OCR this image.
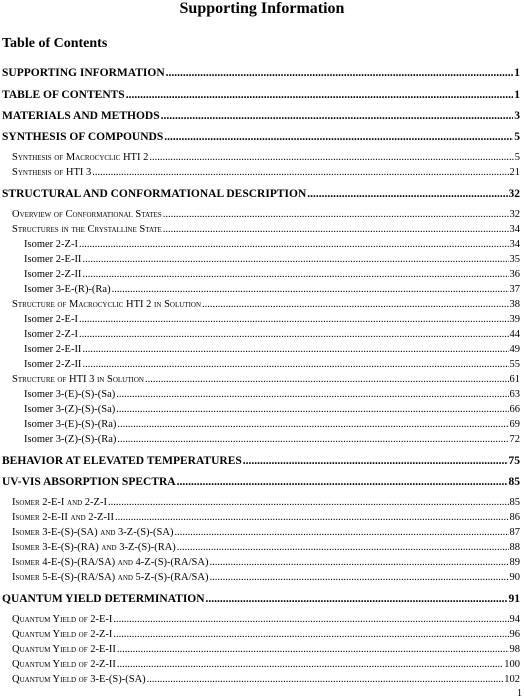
Supporting Information
Table of Contents
SUPPORTING INFORMATION .....	1
TABLE OF CONTENTS .....	1
MATERIALS AND METHODS .....	3
SYNTHESIS OF COMPOUNDS .....	5
Synthesis of Macrocyclic HTI 2 .....	5
Synthesis of HTI 3 .....	21
STRUCTURAL AND CONFORMATIONAL DESCRIPTION .....	32
Overview of Conformational States .....	32
Structures in the Crystalline State .....	34
Isomer 2-Z-I .....	34
Isomer 2-E-II .....	35
Isomer 2-Z-II .....	36
Isomer 3-E-(R)-(Ra) .....	37
Structure of Macrocyclic HTI 2 in Solution .....	38
Isomer 2-E-I .....	39
Isomer 2-Z-I .....	44
Isomer 2-E-II .....	49
Isomer 2-Z-II .....	55
Structure of HTI 3 in Solution .....	61
Isomer 3-(E)-(S)-(Sa) .....	63
Isomer 3-(Z)-(S)-(Sa) .....	66
Isomer 3-(E)-(S)-(Ra) .....	69
Isomer 3-(Z)-(S)-(Ra) .....	72
BEHAVIOR AT ELEVATED TEMPERATURES .....	75
UV-VIS ABSORPTION SPECTRA .....	85
Isomer 2-E-I and 2-Z-I .....	85
Isomer 2-E-II and 2-Z-II .....	86
Isomer 3-E-(S)-(SA) and 3-Z-(S)-(SA) .....	87
Isomer 3-E-(S)-(RA) and 3-Z-(S)-(RA) .....	88
Isomer 4-E-(S)-(RA/SA) and 4-Z-(S)-(RA/SA) .....	89
Isomer 5-E-(S)-(RA/SA) and 5-Z-(S)-(RA/SA) .....	90
QUANTUM YIELD DETERMINATION .....	91
Quantum Yield of 2-E-I .....	94
Quantum Yield of 2-Z-I .....	96
Quantum Yield of 2-E-II .....	98
Quantum Yield of 2-Z-II .....	100
Quantum Yield of 3-E-(S)-(SA) .....	102
1
